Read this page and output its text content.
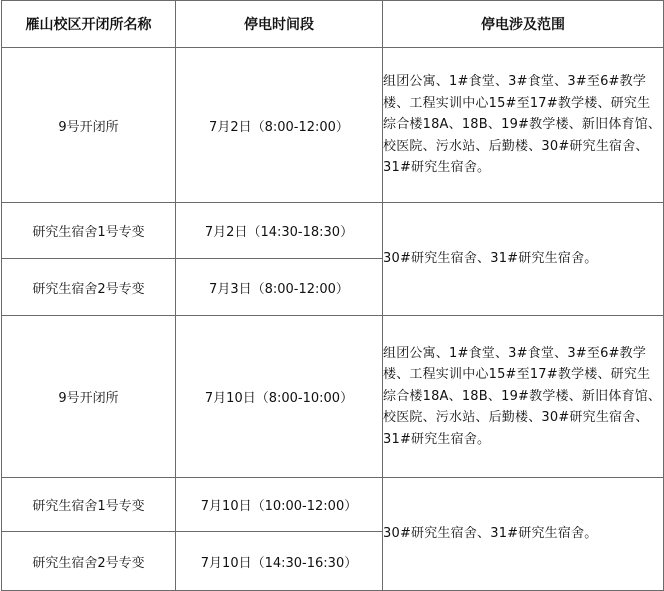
雁山校区开闭所名称	停电时间段	停电涉及范围
9号开闭所	7月2日（8:00-12:00）	组团公寓、1#食堂、3#食堂、3#至6#教学楼、工程实训中心15#至17#教学楼、研究生综合楼18A、18B、19#教学楼、新旧体育馆、校医院、污水站、后勤楼、30#研究生宿舍、31#研究生宿舍。
研究生宿舍1号专变	7月2日（14:30-18:30）	30#研究生宿舍、31#研究生宿舍。
研究生宿舍2号专变	7月3日（8:00-12:00）	
9号开闭所	7月10日（8:00-10:00）	组团公寓、1#食堂、3#食堂、3#至6#教学楼、工程实训中心15#至17#教学楼、研究生综合楼18A、18B、19#教学楼、新旧体育馆、校医院、污水站、后勤楼、30#研究生宿舍、31#研究生宿舍。
研究生宿舍1号专变	7月10日（10:00-12:00）	30#研究生宿舍、31#研究生宿舍。
研究生宿舍2号专变	7月10日（14:30-16:30）	
